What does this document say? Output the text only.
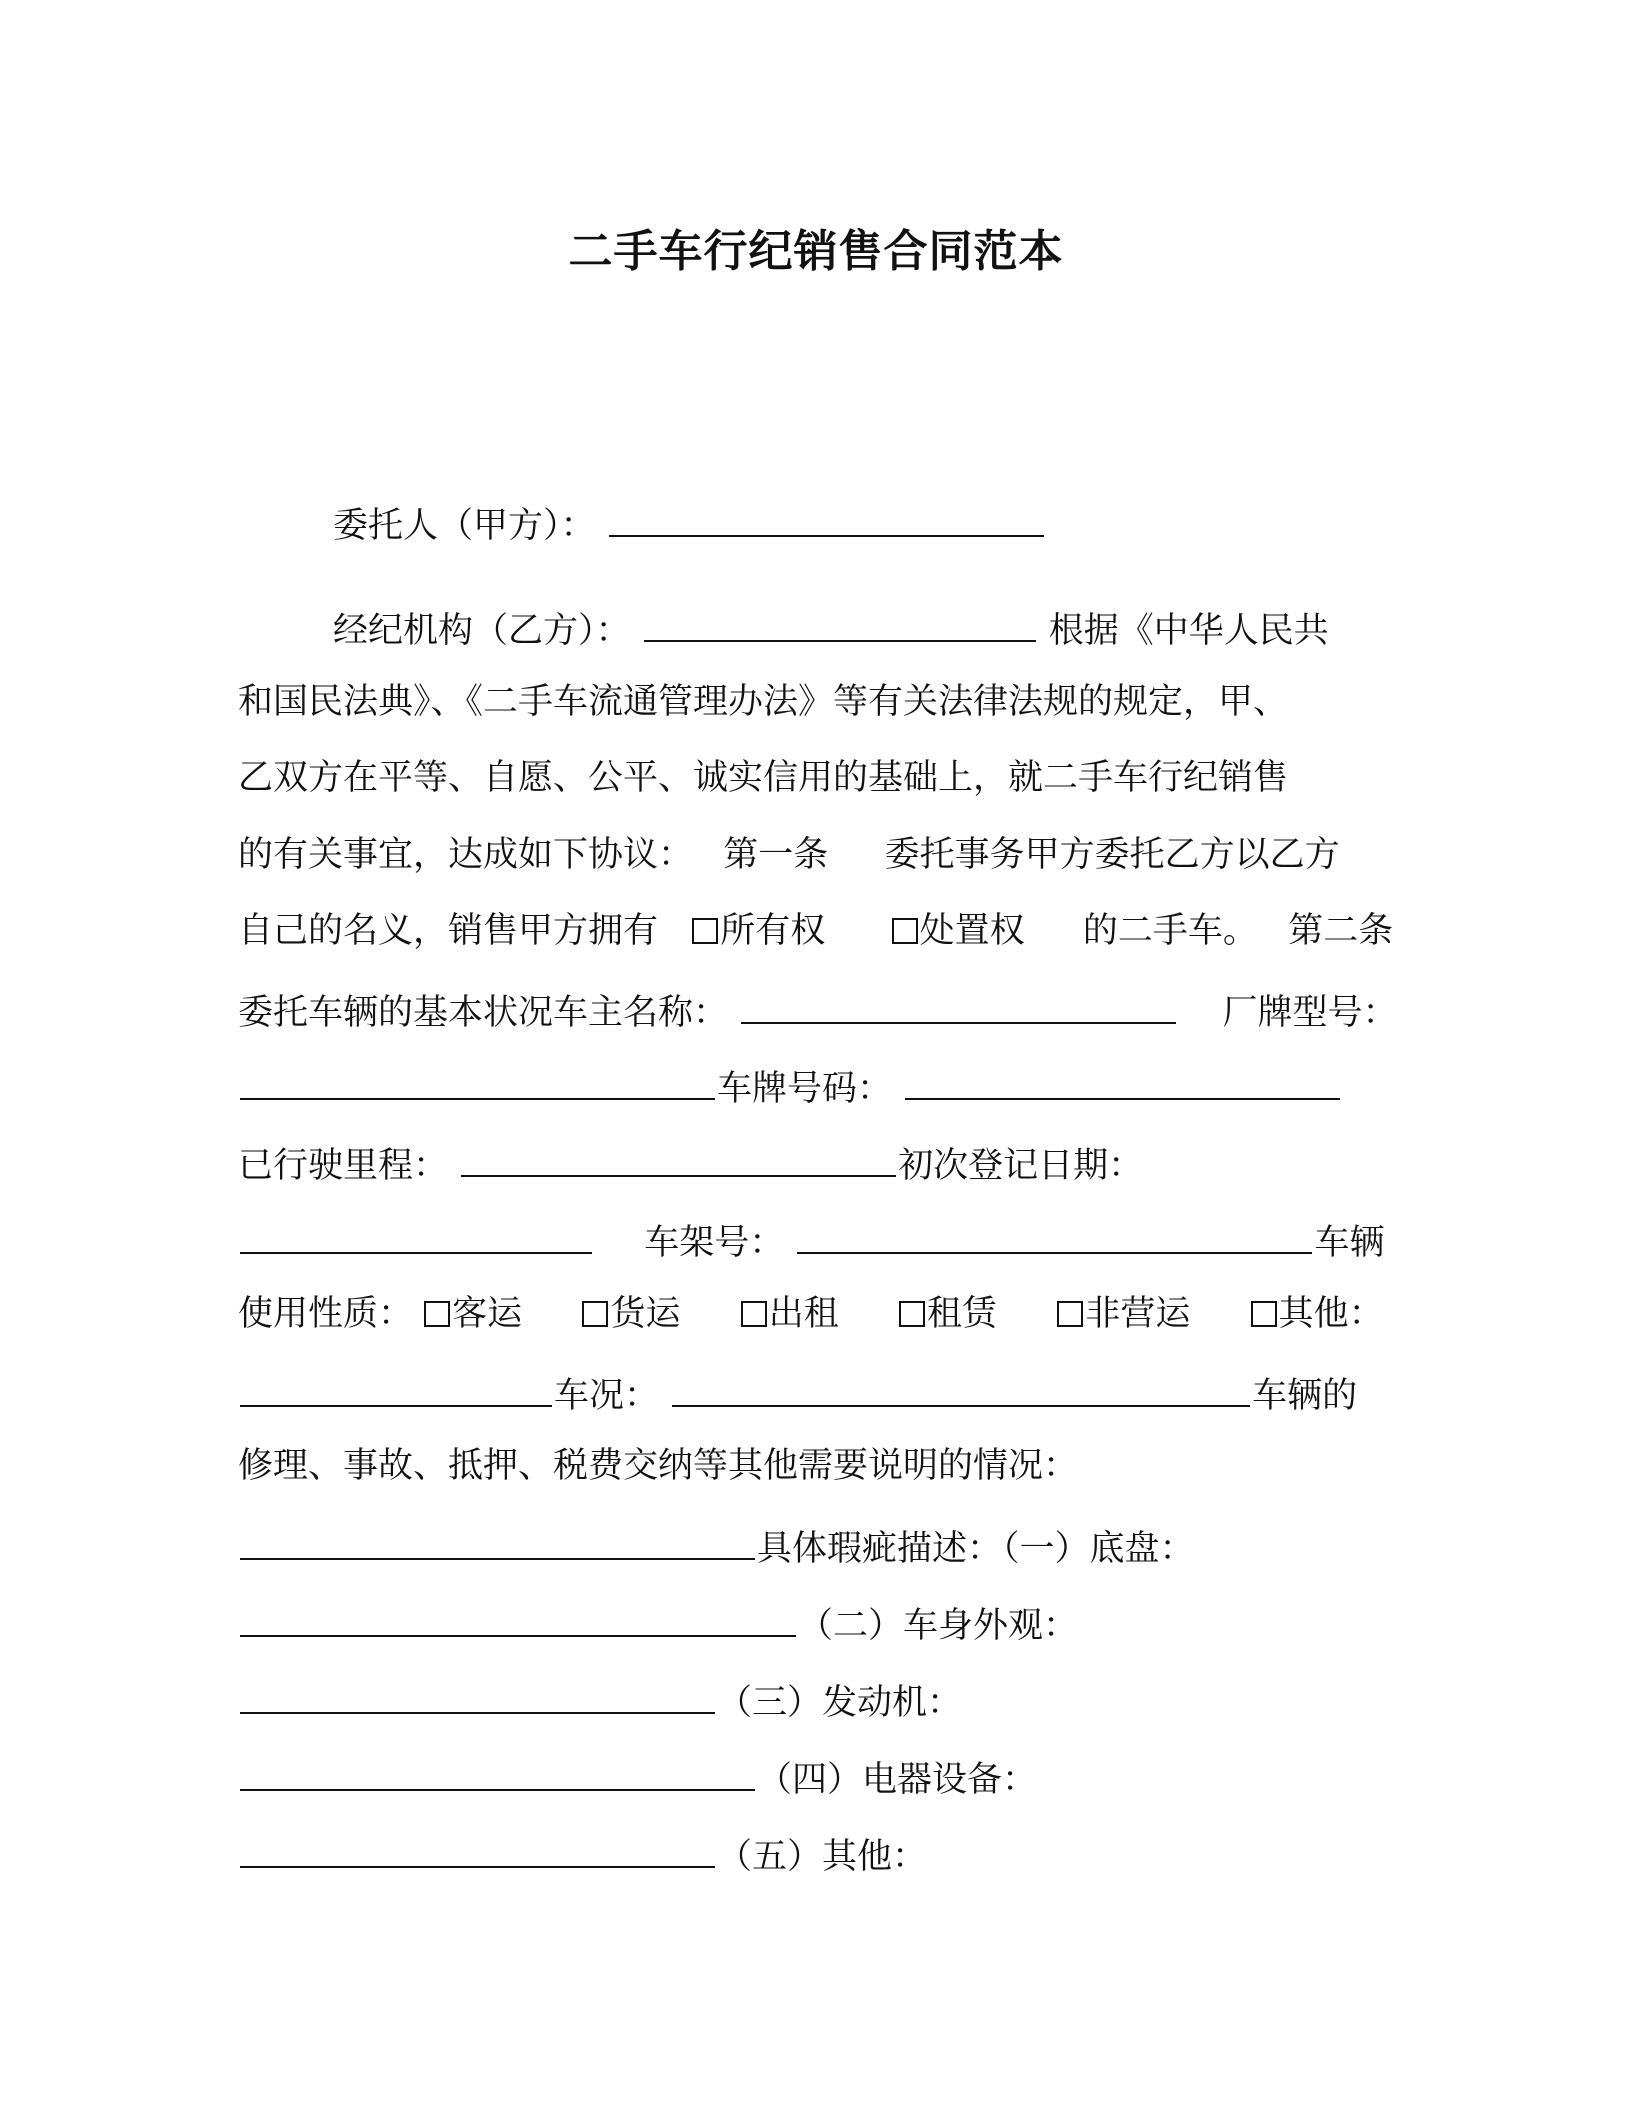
二手车行纪销售合同范本
委托人（甲方）：
经纪机构（乙方）：	根据《中华人民共
和国民法典》、《二手车流通管理办法》等有关法律法规的规定，甲、
乙双方在平等、自愿、公平、诚实信用的基础上，就二手车行纪销售
的有关事宜，达成如下协议： 第一条 委托事务甲方委托乙方以乙方
自己的名义，销售甲方拥有 所有权	处置权 的二手车。 第二条
委托车辆的基本状况车主名称：	厂牌型号：
车牌号码：
已行驶里程：	初次登记日期：
车架号：	车辆
使用性质： 客运	货运	出租	租赁	非营运	其他：
车况：	车辆的
修理、事故、抵押、税费交纳等其他需要说明的情况：
具体瑕疵描述：（一）底盘：
（二）车身外观：
（三）发动机：
（四）电器设备：
（五）其他：
